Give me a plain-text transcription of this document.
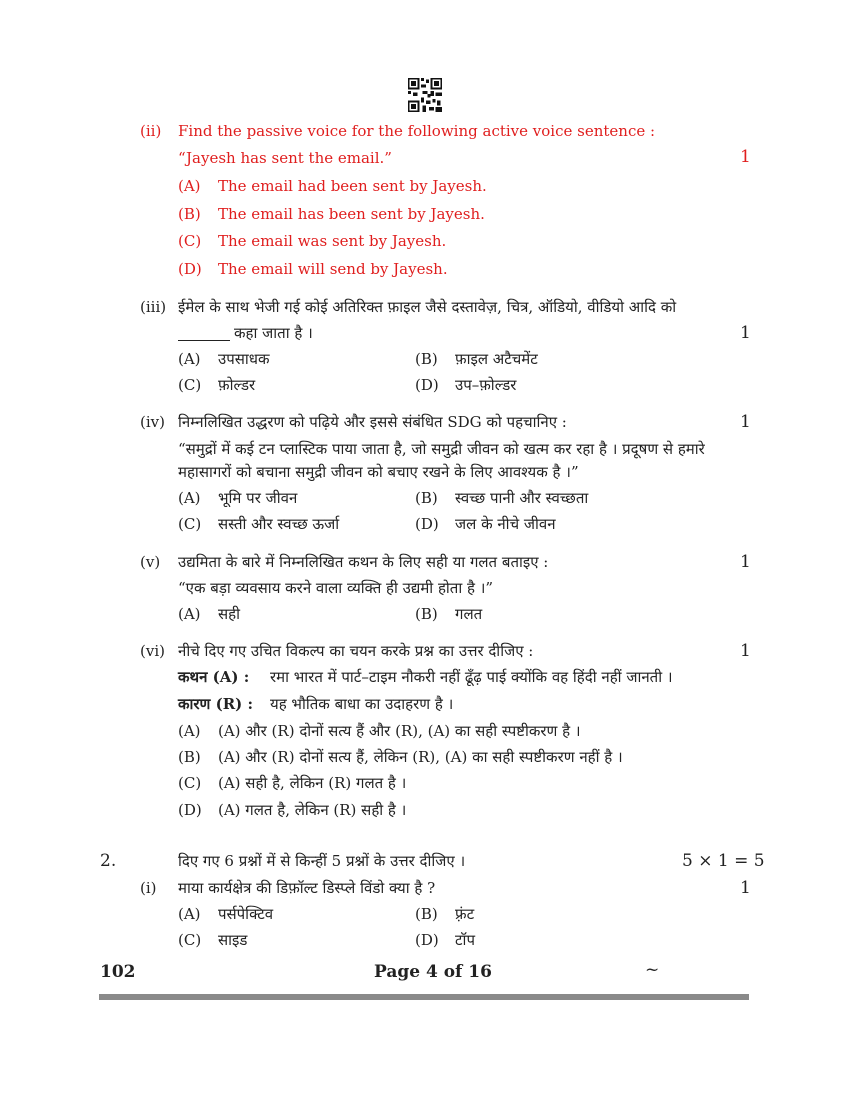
(ii) Find the passive voice for the following active voice sentence :
“Jayesh has sent the email.”	1
(A) The email had been sent by Jayesh.
(B) The email has been sent by Jayesh.
(C) The email was sent by Jayesh.
(D) The email will send by Jayesh.
(iii) ईमेल के साथ भेजी गई कोई अतिरिक्त फ़ाइल जैसे दस्तावेज़, चित्र, ऑडियो, वीडियो आदि को
कहा जाता है ।	1
(A) उपसाधक	(B) फ़ाइल अटैचमेंट
(C) फ़ोल्डर	(D) उप–फ़ोल्डर
(iv) निम्नलिखित उद्धरण को पढ़िये और इससे संबंधित SDG को पहचानिए :	1
“समुद्रों में कई टन प्लास्टिक पाया जाता है, जो समुद्री जीवन को खत्म कर रहा है । प्रदूषण से हमारे
महासागरों को बचाना समुद्री जीवन को बचाए रखने के लिए आवश्यक है ।”
(A) भूमि पर जीवन	(B) स्वच्छ पानी और स्वच्छता
(C) सस्ती और स्वच्छ ऊर्जा	(D) जल के नीचे जीवन
(v) उद्यमिता के बारे में निम्नलिखित कथन के लिए सही या गलत बताइए :	1
“एक बड़ा व्यवसाय करने वाला व्यक्ति ही उद्यमी होता है ।”
(A) सही	(B) गलत
(vi) नीचे दिए गए उचित विकल्प का चयन करके प्रश्न का उत्तर दीजिए :	1
कथन (A) : रमा भारत में पार्ट–टाइम नौकरी नहीं ढूँढ़ पाई क्योंकि वह हिंदी नहीं जानती ।
कारण (R) : यह भौतिक बाधा का उदाहरण है ।
(A) (A) और (R) दोनों सत्य हैं और (R), (A) का सही स्पष्टीकरण है ।
(B) (A) और (R) दोनों सत्य हैं, लेकिन (R), (A) का सही स्पष्टीकरण नहीं है ।
(C) (A) सही है, लेकिन (R) गलत है ।
(D) (A) गलत है, लेकिन (R) सही है ।
2.	दिए गए 6 प्रश्नों में से किन्हीं 5 प्रश्नों के उत्तर दीजिए ।	5 × 1 = 5
(i) माया कार्यक्षेत्र की डिफ़ॉल्ट डिस्प्ले विंडो क्या है ?	1
(A) पर्सपेक्टिव	(B) फ़्रंट
(C) साइड	(D) टॉप
102	Page 4 of 16	~
